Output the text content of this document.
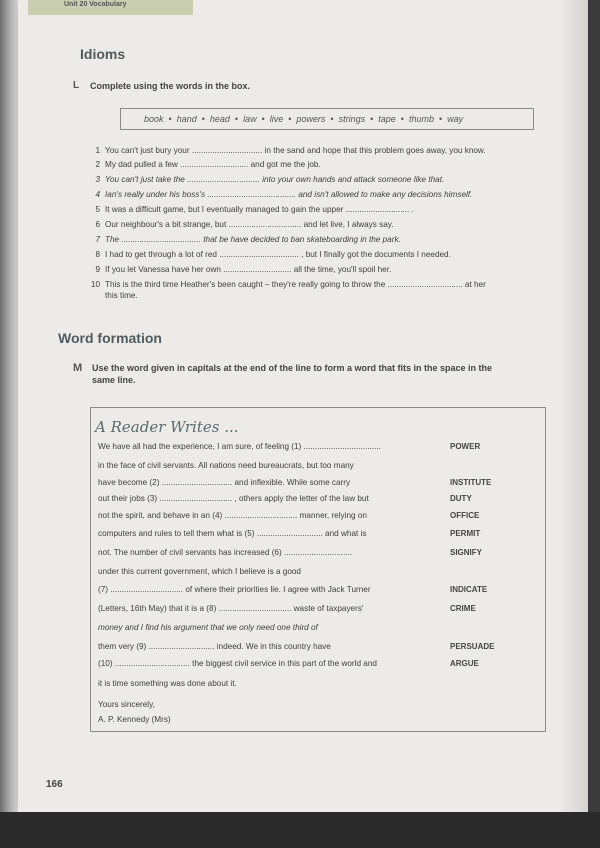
Unit 20 Vocabulary
Idioms
L Complete using the words in the box.
book • hand • head • law • live • powers • strings • tape • thumb • way
1 You can't just bury your ............................... in the sand and hope that this problem goes away, you know.
2 My dad pulled a few .............................. and got me the job.
3 You can't just take the ................................ into your own hands and attack someone like that.
4 Ian's really under his boss's ....................................... and isn't allowed to make any decisions himself.
5 It was a difficult game, but I eventually managed to gain the upper ............................ .
6 Our neighbour's a bit strange, but ................................ and let live, I always say.
7 The ................................... that be have decided to ban skateboarding in the park.
8 I had to get through a lot of red ................................... , but I finally got the documents I needed.
9 If you let Vanessa have her own .............................. all the time, you'll spoil her.
10 This is the third time Heather's been caught – they're really going to throw the ................................. at her
this time.
Word formation
M Use the word given in capitals at the end of the line to form a word that fits in the space in the
same line.
A Reader Writes ...
We have all had the experience, I am sure, of feeling (1) ..................................	POWER
in the face of civil servants. All nations need bureaucrats, but too many
have become (2) ............................... and inflexible. While some carry	INSTITUTE
out their jobs (3) ................................ , others apply the letter of the law but	DUTY
not the spirit, and behave in an (4) ................................ manner, relying on	OFFICE
computers and rules to tell them what is (5) ............................. and what is	PERMIT
not. The number of civil servants has increased (6) ..............................	SIGNIFY
under this current government, which I believe is a good
(7) ................................ of where their priorities lie. I agree with Jack Turner	INDICATE
(Letters, 16th May) that it is a (8) ................................ waste of taxpayers'	CRIME
money and I find his argument that we only need one third of
them very (9) ............................. indeed. We in this country have	PERSUADE
(10) ................................. the biggest civil service in this part of the world and	ARGUE
it is time something was done about it.
Yours sincerely,
A. P. Kennedy (Mrs)
166
